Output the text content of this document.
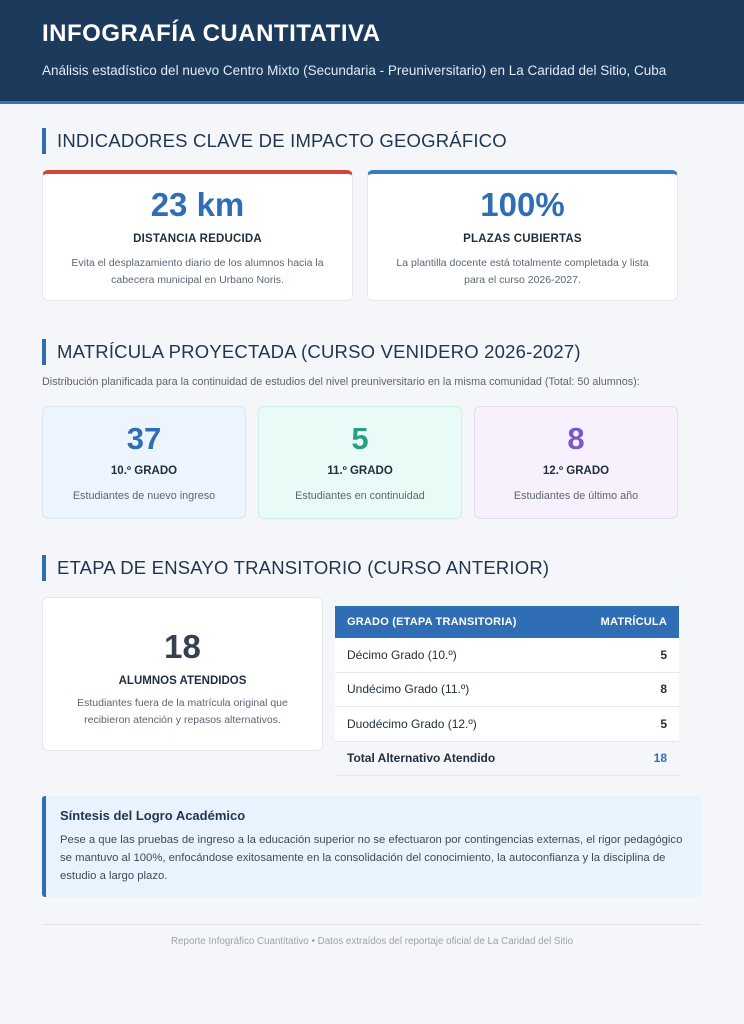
INFOGRAFÍA CUANTITATIVA

Análisis estadístico del nuevo Centro Mixto (Secundaria - Preuniversitario) en La Caridad del Sitio, Cuba

INDICADORES CLAVE DE IMPACTO GEOGRÁFICO
23 km
DISTANCIA REDUCIDA
Evita el desplazamiento diario de los alumnos hacia la cabecera municipal en Urbano Noris.
100%
PLAZAS CUBIERTAS
La plantilla docente está totalmente completada y lista para el curso 2026-2027.
MATRÍCULA PROYECTADA (CURSO VENIDERO 2026-2027)
Distribución planificada para la continuidad de estudios del nivel preuniversitario en la misma comunidad (Total: 50 alumnos):
37
10.º GRADO
Estudiantes de nuevo ingreso
5
11.º GRADO
Estudiantes en continuidad
8
12.º GRADO
Estudiantes de último año
ETAPA DE ENSAYO TRANSITORIO (CURSO ANTERIOR)
18
ALUMNOS ATENDIDOS
Estudiantes fuera de la matrícula original que recibieron atención y repasos alternativos.
GRADO (ETAPA TRANSITORIA)	MATRÍCULA
Décimo Grado (10.º)	5
Undécimo Grado (11.º)	8
Duodécimo Grado (12.º)	5
Total Alternativo Atendido	18
Síntesis del Logro Académico

Pese a que las pruebas de ingreso a la educación superior no se efectuaron por contingencias externas, el rigor pedagógico se mantuvo al 100%, enfocándose exitosamente en la consolidación del conocimiento, la autoconfianza y la disciplina de estudio a largo plazo.

Reporte Infográfico Cuantitativo • Datos extraídos del reportaje oficial de La Caridad del Sitio
